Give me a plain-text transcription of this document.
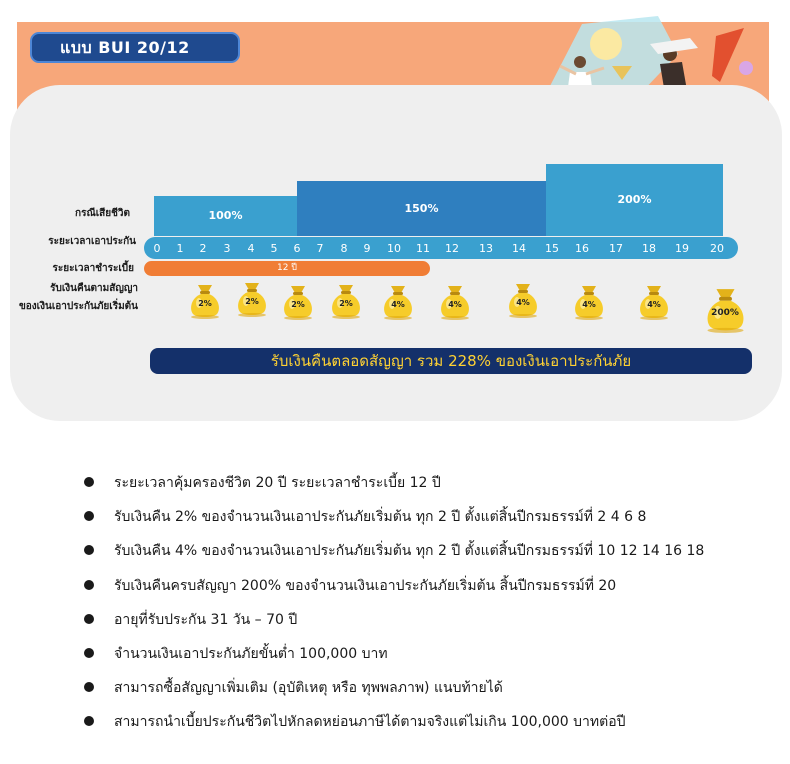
แบบ BUI 20/12
กรณีเสียชีวิต
ระยะเวลาเอาประกัน
ระยะเวลาชำระเบี้ย
รับเงินคืนตามสัญญา
ของเงินเอาประกันภัยเริ่มต้น
100%
150%
200%
0	1	2	3	4	5	6	7	8	9	10	11	12	13	14	15	16	17	18	19	20
12 ปี
2%	2%	2%	2%	4%	4%	4%	4%	4%
200%
รับเงินคืนตลอดสัญญา รวม 228% ของเงินเอาประกันภัย
ระยะเวลาคุ้มครองชีวิต 20 ปี ระยะเวลาชำระเบี้ย 12 ปี
รับเงินคืน 2% ของจำนวนเงินเอาประกันภัยเริ่มต้น ทุก 2 ปี ตั้งแต่สิ้นปีกรมธรรม์ที่ 2 4 6 8
รับเงินคืน 4% ของจำนวนเงินเอาประกันภัยเริ่มต้น ทุก 2 ปี ตั้งแต่สิ้นปีกรมธรรม์ที่ 10 12 14 16 18
รับเงินคืนครบสัญญา 200% ของจำนวนเงินเอาประกันภัยเริ่มต้น สิ้นปีกรมธรรม์ที่ 20
อายุที่รับประกัน 31 วัน – 70 ปี
จำนวนเงินเอาประกันภัยขั้นต่ำ 100,000 บาท
สามารถซื้อสัญญาเพิ่มเติม (อุบัติเหตุ หรือ ทุพพลภาพ) แนบท้ายได้
สามารถนำเบี้ยประกันชีวิตไปหักลดหย่อนภาษีได้ตามจริงแต่ไม่เกิน 100,000 บาทต่อปี
